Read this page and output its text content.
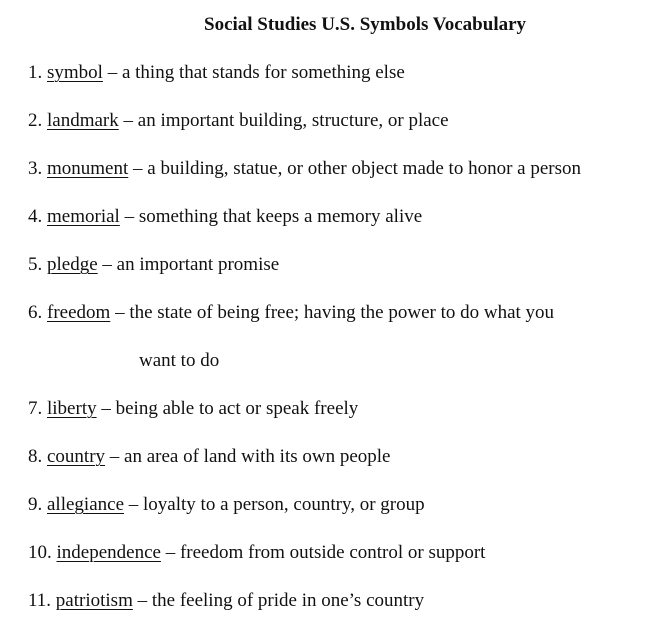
Social Studies U.S. Symbols Vocabulary
1. symbol – a thing that stands for something else
2. landmark – an important building, structure, or place
3. monument – a building, statue, or other object made to honor a person
4. memorial – something that keeps a memory alive
5. pledge – an important promise
6. freedom – the state of being free; having the power to do what you
want to do
7. liberty – being able to act or speak freely
8. country – an area of land with its own people
9. allegiance – loyalty to a person, country, or group
10. independence – freedom from outside control or support
11. patriotism – the feeling of pride in one’s country
